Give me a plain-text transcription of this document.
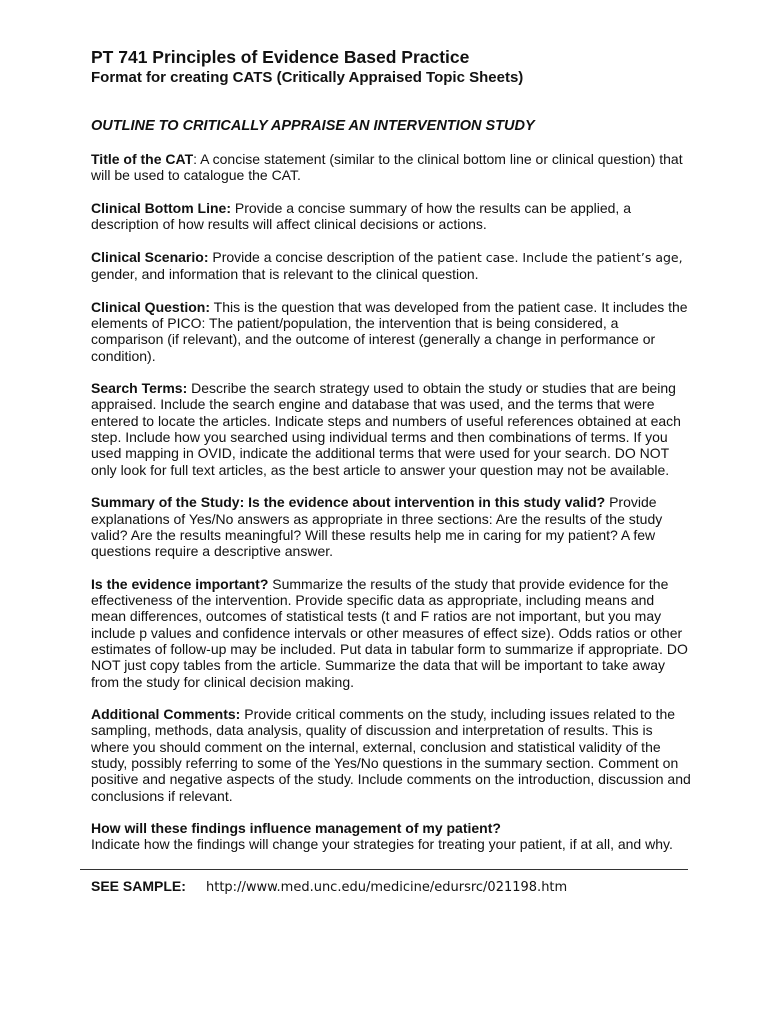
PT 741 Principles of Evidence Based Practice
Format for creating CATS (Critically Appraised Topic Sheets)
OUTLINE TO CRITICALLY APPRAISE AN INTERVENTION STUDY

Title of the CAT: A concise statement (similar to the clinical bottom line or clinical question) that will be used to catalogue the CAT.

Clinical Bottom Line: Provide a concise summary of how the results can be applied, a description of how results will affect clinical decisions or actions.

Clinical Scenario: Provide a concise description of the patient case. Include the patient’s age, gender, and information that is relevant to the clinical question.

Clinical Question: This is the question that was developed from the patient case. It includes the elements of PICO: The patient/population, the intervention that is being considered, a comparison (if relevant), and the outcome of interest (generally a change in performance or condition).

Search Terms: Describe the search strategy used to obtain the study or studies that are being appraised. Include the search engine and database that was used, and the terms that were entered to locate the articles. Indicate steps and numbers of useful references obtained at each step. Include how you searched using individual terms and then combinations of terms. If you used mapping in OVID, indicate the additional terms that were used for your search. DO NOT only look for full text articles, as the best article to answer your question may not be available.

Summary of the Study: Is the evidence about intervention in this study valid? Provide explanations of Yes/No answers as appropriate in three sections: Are the results of the study valid? Are the results meaningful? Will these results help me in caring for my patient? A few questions require a descriptive answer.

Is the evidence important? Summarize the results of the study that provide evidence for the effectiveness of the intervention. Provide specific data as appropriate, including means and mean differences, outcomes of statistical tests (t and F ratios are not important, but you may include p values and confidence intervals or other measures of effect size). Odds ratios or other estimates of follow-up may be included. Put data in tabular form to summarize if appropriate. DO NOT just copy tables from the article. Summarize the data that will be important to take away from the study for clinical decision making.

Additional Comments: Provide critical comments on the study, including issues related to the sampling, methods, data analysis, quality of discussion and interpretation of results. This is where you should comment on the internal, external, conclusion and statistical validity of the study, possibly referring to some of the Yes/No questions in the summary section. Comment on positive and negative aspects of the study. Include comments on the introduction, discussion and conclusions if relevant.

How will these findings influence management of my patient?
Indicate how the findings will change your strategies for treating your patient, if at all, and why.

SEE SAMPLE: http://www.med.unc.edu/medicine/edursrc/021198.htm
